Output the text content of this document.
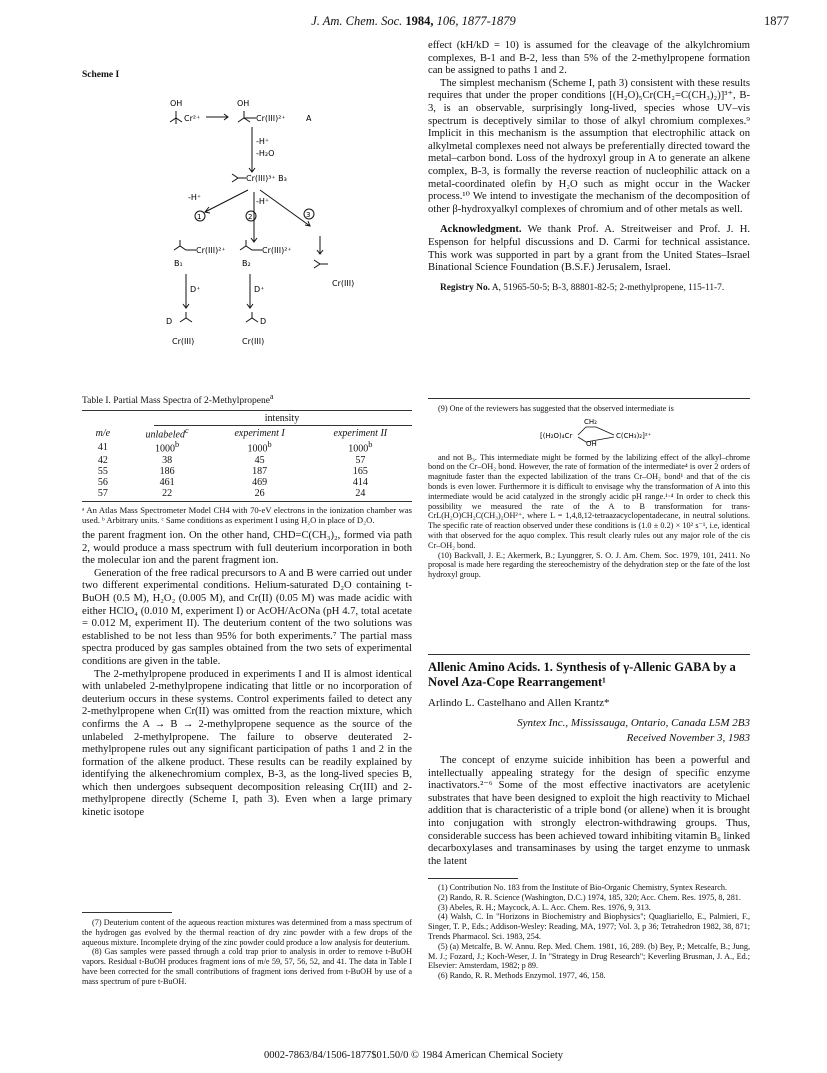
J. Am. Chem. Soc. 1984, 106, 1877-1879	1877
Scheme I
OH	OH
Cr²⁺	Cr(III)²⁺	A
-H⁺
-H₂O
Cr(III)³⁺ B₃
-H⁺	-H⁺
1	2	3
Cr(III)²⁺
B₁
Cr(III)²⁺
B₂
Cr(III)
D⁺	D⁺
D	D
Cr(III)	Cr(III)
Table I. Partial Mass Spectra of 2-Methylpropene$^a$
intensity
m/e	unlabeled$^c$	experiment I	experiment II
41	1000$^b$	1000$^b$	1000$^b$
42	38	45	57
55	186	187	165
56	461	469	414
57	22	26	24
ᵃ An Atlas Mass Spectrometer Model CH4 with 70-eV electrons in the ionization chamber was used. ᵇ Arbitrary units. ᶜ Same conditions as experiment I using H₂O in place of D₂O.

the parent fragment ion. On the other hand, CHD=C(CH₃)₂, formed via path 2, would produce a mass spectrum with full deuterium incorporation in both the molecular ion and the parent fragment ion.

Generation of the free radical precursors to A and B were carried out under two different experimental conditions. Helium-saturated D₂O containing t-BuOH (0.5 M), H₂O₂ (0.005 M), and Cr(II) (0.05 M) was made acidic with either HClO₄ (0.010 M, experiment I) or AcOH/AcONa (pH 4.7, total acetate = 0.012 M, experiment II). The deuterium content of the two solutions was established to be not less than 95% for both experiments.⁷ The partial mass spectra produced by gas samples obtained from the two sets of experimental conditions are given in the table.

The 2-methylpropene produced in experiments I and II is almost identical with unlabeled 2-methylpropene indicating that little or no incorporation of deuterium occurs in these systems. Control experiments failed to detect any 2-methylpropene when Cr(II) was omitted from the reaction mixture, which confirms the A → B → 2-methylpropene sequence as the source of the unlabeled 2-methylpropene. The failure to observe deuterated 2-methylpropene rules out any significant participation of paths 1 and 2 in the formation of the alkene product. These results can be readily explained by identifying the alkenechromium complex, B-3, as the long-lived species B, which then undergoes subsequent decomposition releasing Cr(III) and 2-methylpropene directly (Scheme I, path 3). Even when a large primary kinetic isotope

(7) Deuterium content of the aqueous reaction mixtures was determined from a mass spectrum of the hydrogen gas evolved by the thermal reaction of dry zinc powder with a few drops of the aqueous mixture. Incomplete drying of the zinc powder could produce a low analysis for deuterium.

(8) Gas samples were passed through a cold trap prior to analysis in order to remove t-BuOH vapors. Residual t-BuOH produces fragment ions of m/e 59, 57, 56, 52, and 41. The data in Table I have been corrected for the small contributions of fragment ions derived from t-BuOH by use of a mass spectrum of pure t-BuOH.

effect (kH/kD = 10) is assumed for the cleavage of the alkylchromium complexes, B-1 and B-2, less than 5% of the 2-methylpropene formation can be assigned to paths 1 and 2.

The simplest mechanism (Scheme I, path 3) consistent with these results requires that under the proper conditions [(H₂O)₅Cr(CH₂=C(CH₃)₂)]³⁺, B-3, is an observable, surprisingly long-lived, species whose UV–vis spectrum is deceptively similar to those of alkyl chromium complexes.⁹ Implicit in this mechanism is the assumption that electrophilic attack on alkylmetal complexes need not always be preferentially directed toward the metal–carbon bond. Loss of the hydroxyl group in A to generate an alkene complex, B-3, is formally the reverse reaction of nucleophilic attack on a metal-coordinated olefin by H₂O such as might occur in the Wacker process.¹⁰ We intend to investigate the mechanism of the decomposition of other β-hydroxyalkyl complexes of chromium and of other metals as well.

Acknowledgment. We thank Prof. A. Streitweiser and Prof. J. H. Espenson for helpful discussions and D. Carmi for technical assistance. This work was supported in part by a grant from the United States–Israel Binational Science Foundation (B.S.F.) Jerusalem, Israel.

Registry No. A, 51965-50-5; B-3, 88801-82-5; 2-methylpropene, 115-11-7.

(9) One of the reviewers has suggested that the observed intermediate is

[(H₂O)₄Cr
CH₂
OH
C(CH₃)₂]²⁺

and not B₃. This intermediate might be formed by the labilizing effect of the alkyl–chrome bond on the Cr–OH₂ bond. However, the rate of formation of the intermediate⁴ is over 2 orders of magnitude faster than the expected labilization of the trans Cr–OH₂ bond¹ and that of the cis bonds is even lower. Furthermore it is difficult to envisage why the transformation of A into this intermediate would be acid catalyzed in the strongly acidic pH range.¹·⁴ In order to check this possibility we measured the rate of the A to B transformation for trans-CrL(H₂O)CH₂C(CH₃)₂OH²⁺, where L = 1,4,8,12-tetraazacyclopentadecane, in neutral solutions. The specific rate of reaction observed under these conditions is (1.0 ± 0.2) × 10² s⁻¹, i.e, identical with that observed for the aquo complex. This result clearly rules out any major role of the cis Cr–OH₂ bond.

(10) Backvall, J. E.; Akermerk, B.; Lyunggrer, S. O. J. Am. Chem. Soc. 1979, 101, 2411. No proposal is made here regarding the stereochemistry of the dehydration step or the fate of the lost hydroxyl group.

Allenic Amino Acids. 1. Synthesis of γ-Allenic GABA by a Novel Aza-Cope Rearrangement¹
Arlindo L. Castelhano and Allen Krantz*
Syntex Inc., Mississauga, Ontario, Canada L5M 2B3
Received November 3, 1983

The concept of enzyme suicide inhibition has been a powerful and intellectually appealing strategy for the design of specific enzyme inactivators.²⁻⁶ Some of the most effective inactivators are acetylenic substrates that have been designed to exploit the high reactivity to Michael addition that is characteristic of a triple bond (or allene) when it is brought into conjugation with strongly electron-withdrawing groups. Thus, considerable success has been achieved toward inhibiting vitamin B₆ linked decarboxylases and transaminases by using the target enzyme to unmask the latent

(1) Contribution No. 183 from the Institute of Bio-Organic Chemistry, Syntex Research.

(2) Rando, R. R. Science (Washington, D.C.) 1974, 185, 320; Acc. Chem. Res. 1975, 8, 281.

(3) Abeles, R. H.; Maycock, A. L. Acc. Chem. Res. 1976, 9, 313.

(4) Walsh, C. In "Horizons in Biochemistry and Biophysics"; Quagliariello, E., Palmieri, F., Singer, T. P., Eds.; Addison-Wesley: Reading, MA, 1977; Vol. 3, p 36; Tetrahedron 1982, 38, 871; Trends Pharmacol. Sci. 1983, 254.

(5) (a) Metcalfe, B. W. Annu. Rep. Med. Chem. 1981, 16, 289. (b) Bey, P.; Metcalfe, B.; Jung, M. J.; Fozard, J.; Koch-Weser, J. In "Strategy in Drug Research"; Keverling Brusman, J. A., Ed.; Elsevier: Amsterdam, 1982; p 89.

(6) Rando, R. R. Methods Enzymol. 1977, 46, 158.

0002-7863/84/1506-1877$01.50/0 © 1984 American Chemical Society
